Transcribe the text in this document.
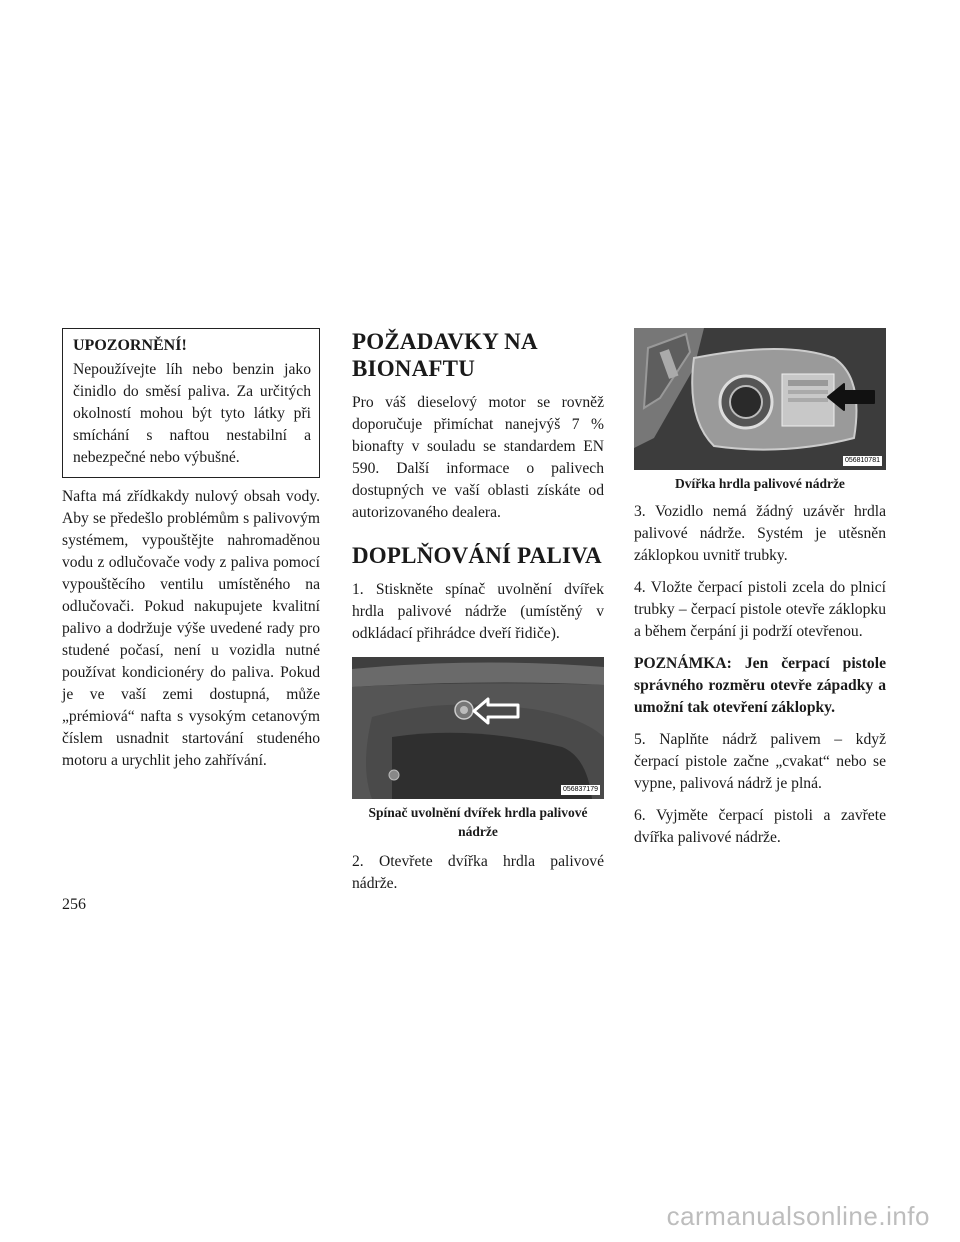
UPOZORNĚNÍ!

Nepoužívejte líh nebo benzin jako činidlo do směsí paliva. Za určitých okolností mohou být tyto látky při smíchání s naftou nestabilní a nebezpečné nebo výbušné.

Nafta má zřídkakdy nulový obsah vody. Aby se předešlo problémům s palivovým systémem, vypouštějte nahromaděnou vodu z odlučovače vody z paliva pomocí vypouštěcího ventilu umístěného na odlučovači. Pokud nakupujete kvalitní palivo a dodržuje výše uvedené rady pro studené počasí, není u vozidla nutné používat kondicionéry do paliva. Pokud je ve vaší zemi dostupná, může „prémiová“ nafta s vysokým cetanovým číslem usnadnit startování studeného motoru a urychlit jeho zahřívání.

POŽADAVKY NA BIONAFTU

Pro váš dieselový motor se rovněž doporučuje přimíchat nanejvýš 7 % bionafty v souladu se standardem EN 590. Další informace o palivech dostupných ve vaší oblasti získáte od autorizovaného dealera.

DOPLŇOVÁNÍ PALIVA

1. Stiskněte spínač uvolnění dvířek hrdla palivové nádrže (umístěný v odkládací přihrádce dveří řidiče).

056837179
Spínač uvolnění dvířek hrdla palivové nádrže

2. Otevřete dvířka hrdla palivové nádrže.

056810781
Dvířka hrdla palivové nádrže

3. Vozidlo nemá žádný uzávěr hrdla palivové nádrže. Systém je utěsněn záklopkou uvnitř trubky.

4. Vložte čerpací pistoli zcela do plnicí trubky – čerpací pistole otevře záklopku a během čerpání ji podrží otevřenou.

POZNÁMKA: Jen čerpací pistole správného rozměru otevře západky a umožní tak otevření záklopky.

5. Naplňte nádrž palivem – když čerpací pistole začne „cvakat“ nebo se vypne, palivová nádrž je plná.

6. Vyjměte čerpací pistoli a zavřete dvířka palivové nádrže.

256
carmanualsonline.info
